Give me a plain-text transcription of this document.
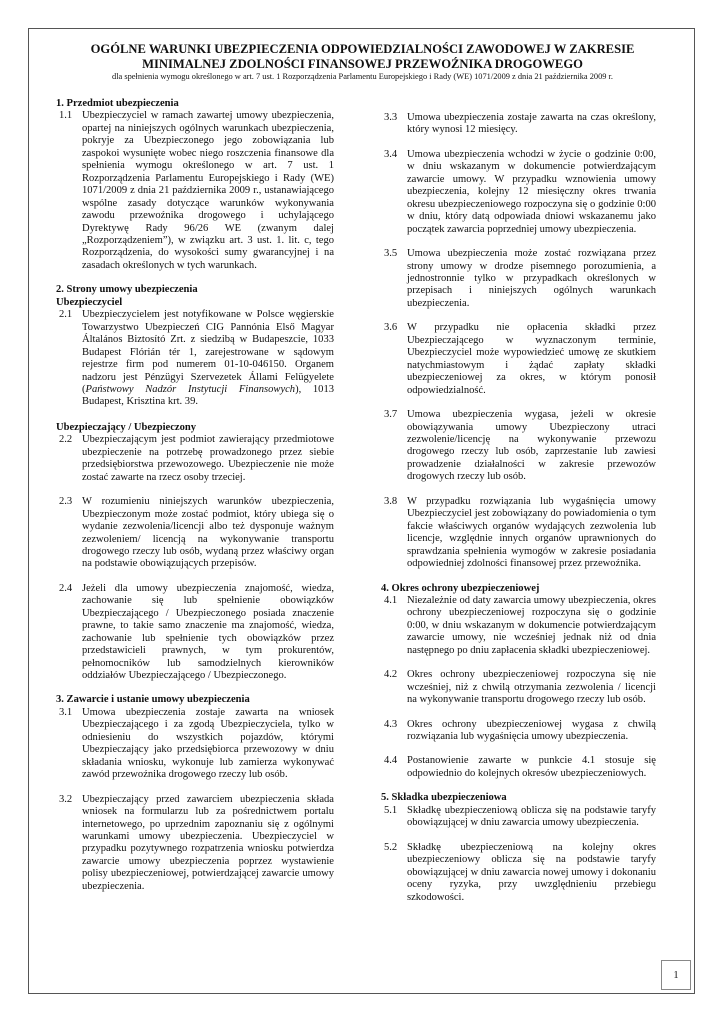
OGÓLNE WARUNKI UBEZPIECZENIA ODPOWIEDZIALNOŚCI ZAWODOWEJ W ZAKRESIE
MINIMALNEJ ZDOLNOŚCI FINANSOWEJ PRZEWOŹNIKA DROGOWEGO
dla spełnienia wymogu określonego w art. 7 ust. 1 Rozporządzenia Parlamentu Europejskiego i Rady (WE) 1071/2009 z dnia 21 października 2009 r.

1. Przedmiot ubezpieczenia

1.1 Ubezpieczyciel w ramach zawartej umowy ubezpieczenia, opartej na niniejszych ogólnych warunkach ubezpieczenia, pokryje za Ubezpieczonego jego zobowiązania lub zaspokoi wysunięte wobec niego roszczenia finansowe dla spełnienia wymogu określonego w art. 7 ust. 1 Rozporządzenia Parlamentu Europejskiego i Rady (WE) 1071/2009 z dnia 21 października 2009 r., ustanawiającego wspólne zasady dotyczące warunków wykonywania zawodu przewoźnika drogowego i uchylającego Dyrektywę Rady 96/26 WE (zwanym dalej „Rozporządzeniem”), w związku art. 3 ust. 1. lit. c, tego Rozporządzenia, do wysokości sumy gwarancyjnej i na zasadach określonych w tych warunkach.

2. Strony umowy ubezpieczenia

Ubezpieczyciel

2.1 Ubezpieczycielem jest notyfikowane w Polsce węgierskie Towarzystwo Ubezpieczeń CIG Pannónia Első Magyar Általános Biztosító Zrt. z siedzibą w Budapeszcie, 1033 Budapest Flórián tér 1, zarejestrowane w sądowym rejestrze firm pod numerem 01-10-046150. Organem nadzoru jest Pénzügyi Szervezetek Állami Felügyelete (Państwowy Nadzór Instytucji Finansowych), 1013 Budapest, Krisztina krt. 39.

Ubezpieczający / Ubezpieczony

2.2 Ubezpieczającym jest podmiot zawierający przedmiotowe ubezpieczenie na potrzebę prowadzonego przez siebie przedsiębiorstwa przewozowego. Ubezpieczenie nie może zostać zawarte na rzecz osoby trzeciej.
2.3 W rozumieniu niniejszych warunków ubezpieczenia, Ubezpieczonym może zostać podmiot, który ubiega się o wydanie zezwolenia/licencji albo też dysponuje ważnym zezwoleniem/ licencją na wykonywanie transportu drogowego rzeczy lub osób, wydaną przez właściwy organ na podstawie obowiązujących przepisów.
2.4 Jeżeli dla umowy ubezpieczenia znajomość, wiedza, zachowanie się lub spełnienie obowiązków Ubezpieczającego / Ubezpieczonego posiada znaczenie prawne, to takie samo znaczenie ma znajomość, wiedza, zachowanie lub spełnienie tych obowiązków przez przedstawicieli prawnych, w tym prokurentów, pełnomocników lub samodzielnych kierowników oddziałów Ubezpieczającego / Ubezpieczonego.

3. Zawarcie i ustanie umowy ubezpieczenia

3.1 Umowa ubezpieczenia zostaje zawarta na wniosek Ubezpieczającego i za zgodą Ubezpieczyciela, tylko w odniesieniu do wszystkich pojazdów, którymi Ubezpieczający jako przedsiębiorca przewozowy w dniu składania wniosku, wykonuje lub zamierza wykonywać zawód przewoźnika drogowego rzeczy lub osób.
3.2 Ubezpieczający przed zawarciem ubezpieczenia składa wniosek na formularzu lub za pośrednictwem portalu internetowego, po uprzednim zapoznaniu się z ogólnymi warunkami umowy ubezpieczenia. Ubezpieczyciel w przypadku pozytywnego rozpatrzenia wniosku potwierdza zawarcie umowy ubezpieczenia poprzez wystawienie polisy ubezpieczeniowej, potwierdzającej zawarcie umowy ubezpieczenia.
3.3 Umowa ubezpieczenia zostaje zawarta na czas określony, który wynosi 12 miesięcy.
3.4 Umowa ubezpieczenia wchodzi w życie o godzinie 0:00, w dniu wskazanym w dokumencie potwierdzającym zawarcie umowy. W przypadku wznowienia umowy ubezpieczenia, kolejny 12 miesięczny okres trwania okresu ubezpieczeniowego rozpoczyna się o godzinie 0:00 w dniu, który datą odpowiada dniowi wskazanemu jako początek zawarcia poprzedniej umowy ubezpieczenia.
3.5 Umowa ubezpieczenia może zostać rozwiązana przez strony umowy w drodze pisemnego porozumienia, a jednostronnie tylko w przypadkach określonych w przepisach i niniejszych ogólnych warunkach ubezpieczenia.
3.6 W przypadku nie opłacenia składki przez Ubezpieczającego w wyznaczonym terminie, Ubezpieczyciel może wypowiedzieć umowę ze skutkiem natychmiastowym i żądać zapłaty składki ubezpieczeniowej za okres, w którym ponosił odpowiedzialność.
3.7 Umowa ubezpieczenia wygasa, jeżeli w okresie obowiązywania umowy Ubezpieczony utraci zezwolenie/licencję na wykonywanie przewozu drogowego rzeczy lub osób, zaprzestanie lub zawiesi prowadzenie działalności w zakresie przewozów drogowych rzeczy lub osób.
3.8 W przypadku rozwiązania lub wygaśnięcia umowy Ubezpieczyciel jest zobowiązany do powiadomienia o tym fakcie właściwych organów wydających zezwolenia lub licencje, względnie innych organów uprawnionych do sprawdzania spełnienia wymogów w zakresie posiadania odpowiedniej zdolności finansowej przez przewoźnika.

4. Okres ochrony ubezpieczeniowej

4.1 Niezależnie od daty zawarcia umowy ubezpieczenia, okres ochrony ubezpieczeniowej rozpoczyna się o godzinie 0:00, w dniu wskazanym w dokumencie potwierdzającym zawarcie umowy, nie wcześniej jednak niż od dnia następnego po dniu zapłacenia składki ubezpieczeniowej.
4.2 Okres ochrony ubezpieczeniowej rozpoczyna się nie wcześniej, niż z chwilą otrzymania zezwolenia / licencji na wykonywanie transportu drogowego rzeczy lub osób.
4.3 Okres ochrony ubezpieczeniowej wygasa z chwilą rozwiązania lub wygaśnięcia umowy ubezpieczenia.
4.4 Postanowienie zawarte w punkcie 4.1 stosuje się odpowiednio do kolejnych okresów ubezpieczeniowych.

5. Składka ubezpieczeniowa

5.1 Składkę ubezpieczeniową oblicza się na podstawie taryfy obowiązującej w dniu zawarcia umowy ubezpieczenia.
5.2 Składkę ubezpieczeniową na kolejny okres ubezpieczeniowy oblicza się na podstawie taryfy obowiązującej w dniu zawarcia nowej umowy i dokonaniu oceny ryzyka, przy uwzględnieniu przebiegu szkodowości.
1
